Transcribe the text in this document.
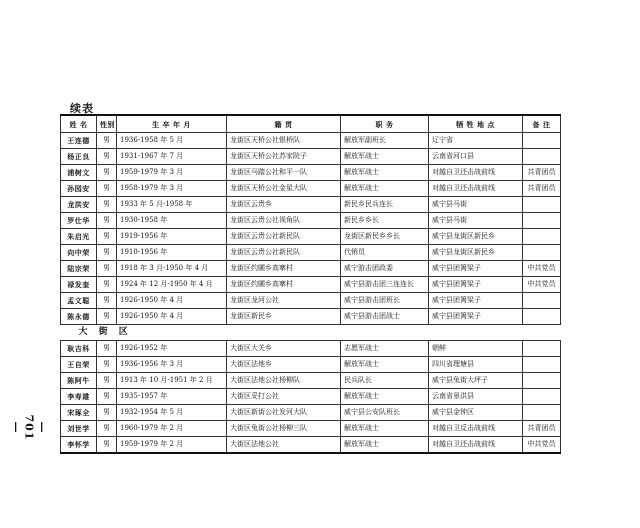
续表
姓 名	性别	生 卒 年 月	籍 贯	职 务	牺 牲 地 点	备 注
王连德	男	1936-1958 年 5 月	龙街区天桥公社银桥队	解放军副班长	辽宁省	
杨正良	男	1931-1967 年 7 月	龙街区天桥公社苏家院子	解放军战士	云南省河口县	
浦树文	男	1959-1979 年 3 月	龙街区马踏公社和平一队	解放军战士	对越自卫还击战前线	共青团员
孙园安	男	1958-1979 年 3 月	龙街区天桥公社金星大队	解放军战士	对越自卫还击战前线	共青团员
龙洪安	男	1933 年 5 月-1958 年	龙街区云贵乡	新民乡民兵连长	威宁县马街	
罗仕华	男	1930-1958 年	龙街区云贵公社视角队	新民乡乡长	威宁县马街	
朱启光	男	1919-1956 年	龙街区云贵公社新民队	龙街区新民乡乡长	威宁县龙街区新民乡	
向中荣	男	1910-1956 年	龙街区云贵公社新民队	代销员	威宁县龙街区新民乡	
陆宗荣	男	1918 年 3 月-1950 年 4 月	龙街区约圃乡高寨村	威宁游击团政委	威宁县团箐梁子	中共党员
禄发奎	男	1924 年 12 月-1950 年 4 月	龙街区约圃乡高寨村	威宁县游击团三连连长	威宁县团箐梁子	中共党员
孟文聪	男	1926-1950 年 4 月	龙街区龙河公社	威宁县游击团班长	威宁县团箐梁子	
陈永德	男	1926-1950 年 4 月	龙街区新民乡	威宁县游击团战士	威宁县团箐梁子	
大 街 区						
耿吉科	男	1926-1952 年	大街区大关乡	志愿军战士	朝鲜	
王自荣	男	1936-1956 年 3 月	大街区法地乡	解放军战士	四川省理塘县	
陈阿牛	男	1913 年 10 月-1951 年 2 月	大街区法地公社杨柳队	民兵队长	威宁县兔街大坪子	
李寿雄	男	1935-1957 年	大街区妥打公社	解放军战士	云南省景洪县	
宋琢全	男	1932-1954 年 5 月	大街区新街公社发河大队	威宁县公安队班长	威宁县金钟区	
刘世学	男	1960-1979 年 2 月	大街区兔街公社杨柳三队	解放军战士	对越自卫反击战前线	共青团员
李怀学	男	1959-1979 年 2 月	大街区法地公社	解放军战士	对越自卫还击战前线	中共党员
—701—
